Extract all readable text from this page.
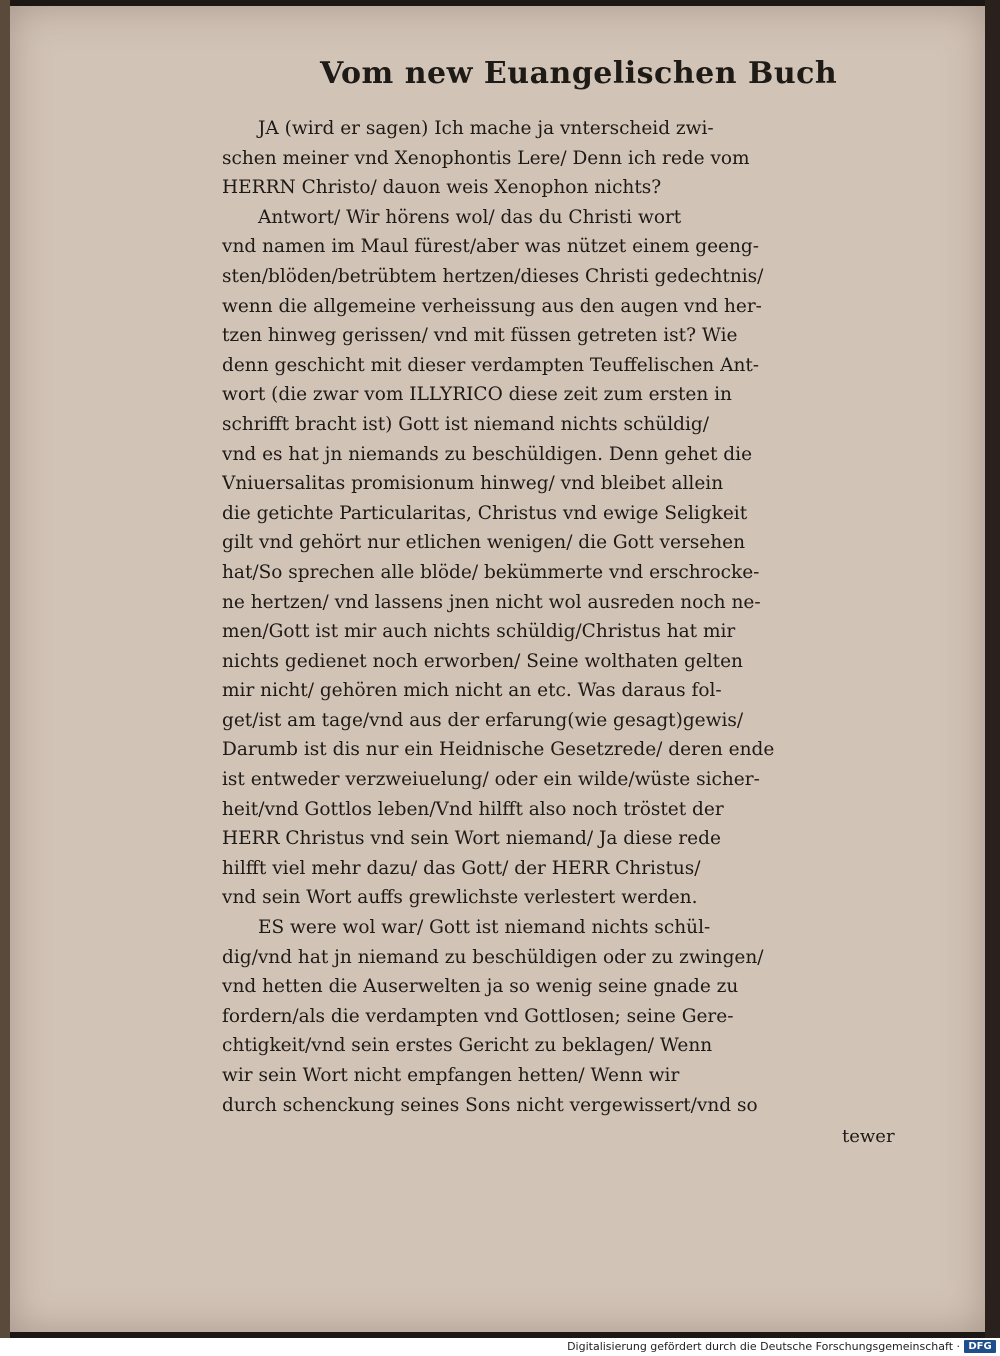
Vom new Euangelischen Buch
JA (wird er sagen) Ich mache ja vnterscheid zwi-
schen meiner vnd Xenophontis Lere/ Denn ich rede vom
HERRN Christo/ dauon weis Xenophon nichts?
Antwort/ Wir hörens wol/ das du Christi wort
vnd namen im Maul fürest/aber was nützet einem geeng-
sten/blöden/betrübtem hertzen/dieses Christi gedechtnis/
wenn die allgemeine verheissung aus den augen vnd her-
tzen hinweg gerissen/ vnd mit füssen getreten ist? Wie
denn geschicht mit dieser verdampten Teuffelischen Ant-
wort (die zwar vom ILLYRICO diese zeit zum ersten in
schrifft bracht ist) Gott ist niemand nichts schüldig/
vnd es hat jn niemands zu beschüldigen. Denn gehet die
Vniuersalitas promisionum hinweg/ vnd bleibet allein
die getichte Particularitas, Christus vnd ewige Seligkeit
gilt vnd gehört nur etlichen wenigen/ die Gott versehen
hat/So sprechen alle blöde/ bekümmerte vnd erschrocke-
ne hertzen/ vnd lassens jnen nicht wol ausreden noch ne-
men/Gott ist mir auch nichts schüldig/Christus hat mir
nichts gedienet noch erworben/ Seine wolthaten gelten
mir nicht/ gehören mich nicht an etc. Was daraus fol-
get/ist am tage/vnd aus der erfarung(wie gesagt)gewis/
Darumb ist dis nur ein Heidnische Gesetzrede/ deren ende
ist entweder verzweiuelung/ oder ein wilde/wüste sicher-
heit/vnd Gottlos leben/Vnd hilfft also noch tröstet der
HERR Christus vnd sein Wort niemand/ Ja diese rede
hilfft viel mehr dazu/ das Gott/ der HERR Christus/
vnd sein Wort auffs grewlichste verlestert werden.
ES were wol war/ Gott ist niemand nichts schül-
dig/vnd hat jn niemand zu beschüldigen oder zu zwingen/
vnd hetten die Auserwelten ja so wenig seine gnade zu
fordern/als die verdampten vnd Gottlosen; seine Gere-
chtigkeit/vnd sein erstes Gericht zu beklagen/ Wenn
wir sein Wort nicht empfangen hetten/ Wenn wir
durch schenckung seines Sons nicht vergewissert/vnd so
tewer
Digitalisierung gefördert durch die Deutsche Forschungsgemeinschaft · DFG
